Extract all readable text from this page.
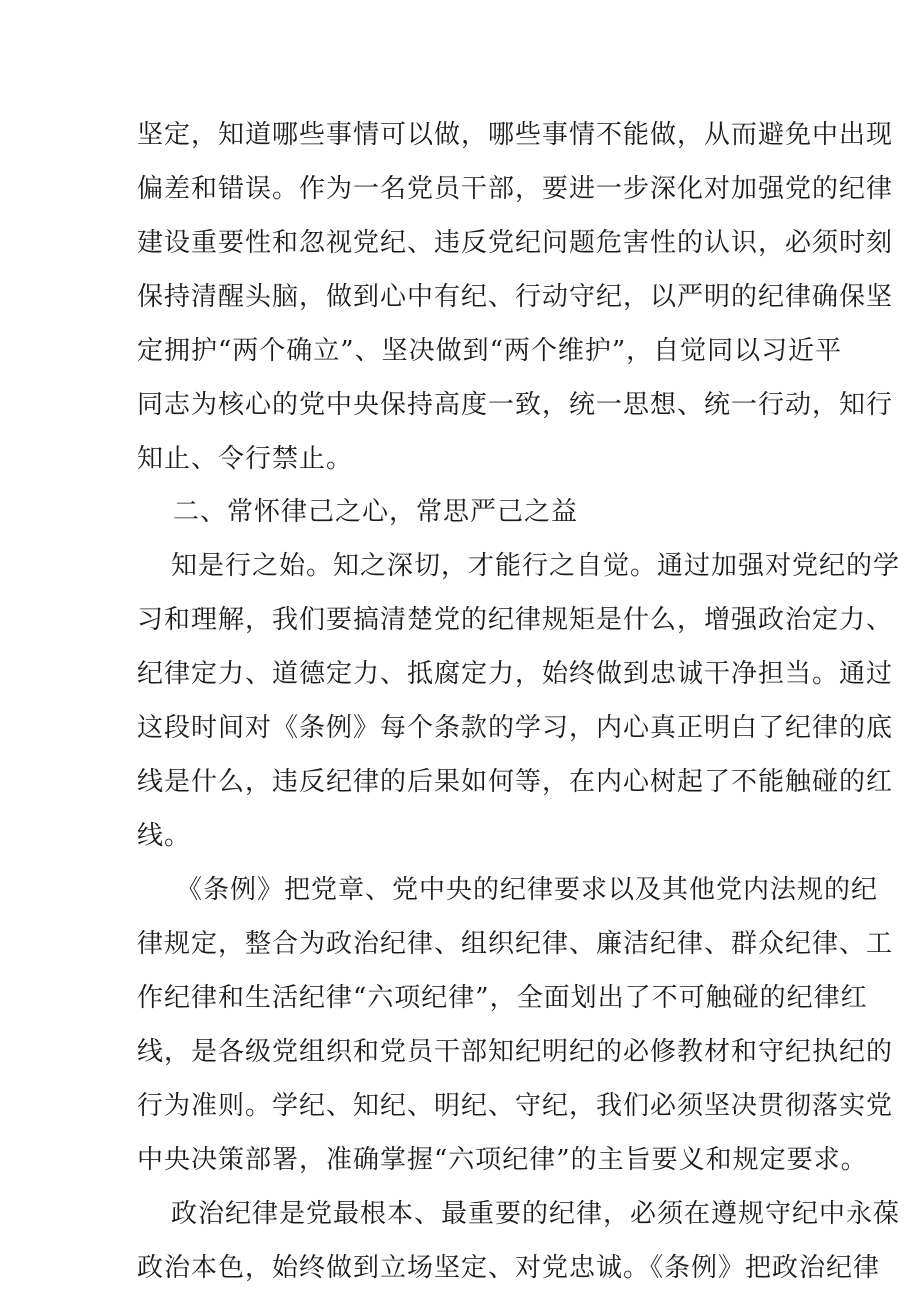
坚定，知道哪些事情可以做，哪些事情不能做，从而避免中出现
偏差和错误。作为一名党员干部，要进一步深化对加强党的纪律
建设重要性和忽视党纪、违反党纪问题危害性的认识，必须时刻
保持清醒头脑，做到心中有纪、行动守纪，以严明的纪律确保坚
定拥护“两个确立”、坚决做到“两个维护”，自觉同以习近平
同志为核心的党中央保持高度一致，统一思想、统一行动，知行
知止、令行禁止。
二、常怀律己之心，常思严己之益
知是行之始。知之深切，才能行之自觉。通过加强对党纪的学
习和理解，我们要搞清楚党的纪律规矩是什么，增强政治定力、
纪律定力、道德定力、抵腐定力，始终做到忠诚干净担当。通过
这段时间对《条例》每个条款的学习，内心真正明白了纪律的底
线是什么，违反纪律的后果如何等，在内心树起了不能触碰的红
线。
《条例》把党章、党中央的纪律要求以及其他党内法规的纪
律规定，整合为政治纪律、组织纪律、廉洁纪律、群众纪律、工
作纪律和生活纪律“六项纪律”，全面划出了不可触碰的纪律红
线，是各级党组织和党员干部知纪明纪的必修教材和守纪执纪的
行为准则。学纪、知纪、明纪、守纪，我们必须坚决贯彻落实党
中央决策部署，准确掌握“六项纪律”的主旨要义和规定要求。
政治纪律是党最根本、最重要的纪律，必须在遵规守纪中永葆
政治本色，始终做到立场坚定、对党忠诚。《条例》把政治纪律
